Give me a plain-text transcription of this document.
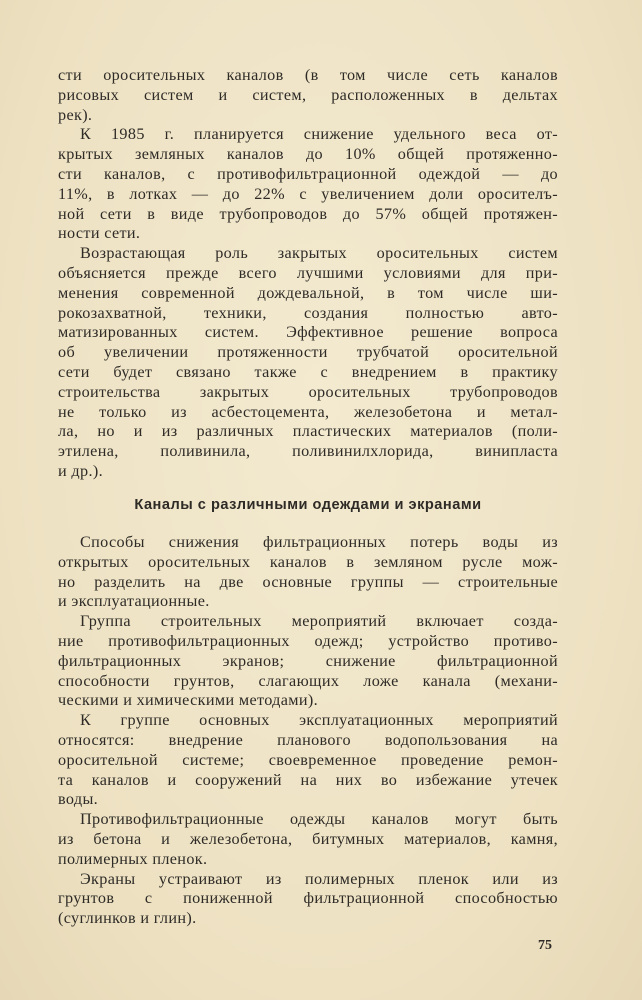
сти оросительных каналов (в том числе сеть каналов
рисовых систем и систем, расположенных в дельтах
рек).
К 1985 г. планируется снижение удельного веса от-
крытых земляных каналов до 10% общей протяженно-
сти каналов, с противофильтрационной одеждой — до
11%, в лотках — до 22% с увеличением доли оросителъ-
ной сети в виде трубопроводов до 57% общей протяжен-
ности сети.
Возрастающая роль закрытых оросительных систем
объясняется прежде всего лучшими условиями для при-
менения современной дождевальной, в том числе ши-
рокозахватной, техники, создания полностью авто-
матизированных систем. Эффективное решение вопроса
об увеличении протяженности трубчатой оросительной
сети будет связано также с внедрением в практику
строительства закрытых оросительных трубопроводов
не только из асбестоцемента, железобетона и метал-
ла, но и из различных пластических материалов (поли-
этилена, поливинила, поливинилхлорида, винипласта
и др.).
Каналы с различными одеждами и экранами
Способы снижения фильтрационных потерь воды из
открытых оросительных каналов в земляном русле мож-
но разделить на две основные группы — строительные
и эксплуатационные.
Группа строительных мероприятий включает созда-
ние противофильтрационных одежд; устройство противо-
фильтрационных экранов; снижение фильтрационной
способности грунтов, слагающих ложе канала (механи-
ческими и химическими методами).
К группе основных эксплуатационных мероприятий
относятся: внедрение планового водопользования на
оросительной системе; своевременное проведение ремон-
та каналов и сооружений на них во избежание утечек
воды.
Противофильтрационные одежды каналов могут быть
из бетона и железобетона, битумных материалов, камня,
полимерных пленок.
Экраны устраивают из полимерных пленок или из
грунтов с пониженной фильтрационной способностью
(суглинков и глин).
75
